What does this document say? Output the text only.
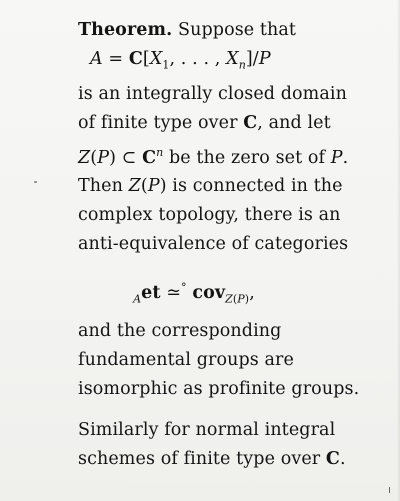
Theorem. Suppose that
$A = C[X_1$, . . . , $X_n]/P$
is an integrally closed domain
of finite type over C, and let
Z(P) ⊂ $C^n$ be the zero set of P.
Then Z(P) is connected in the
complex topology, there is an
anti-equivalence of categories
$_A$et ≃° cov$_{Z(P)}$,
and the corresponding
fundamental groups are
isomorphic as profinite groups.
Similarly for normal integral
schemes of finite type over C.
